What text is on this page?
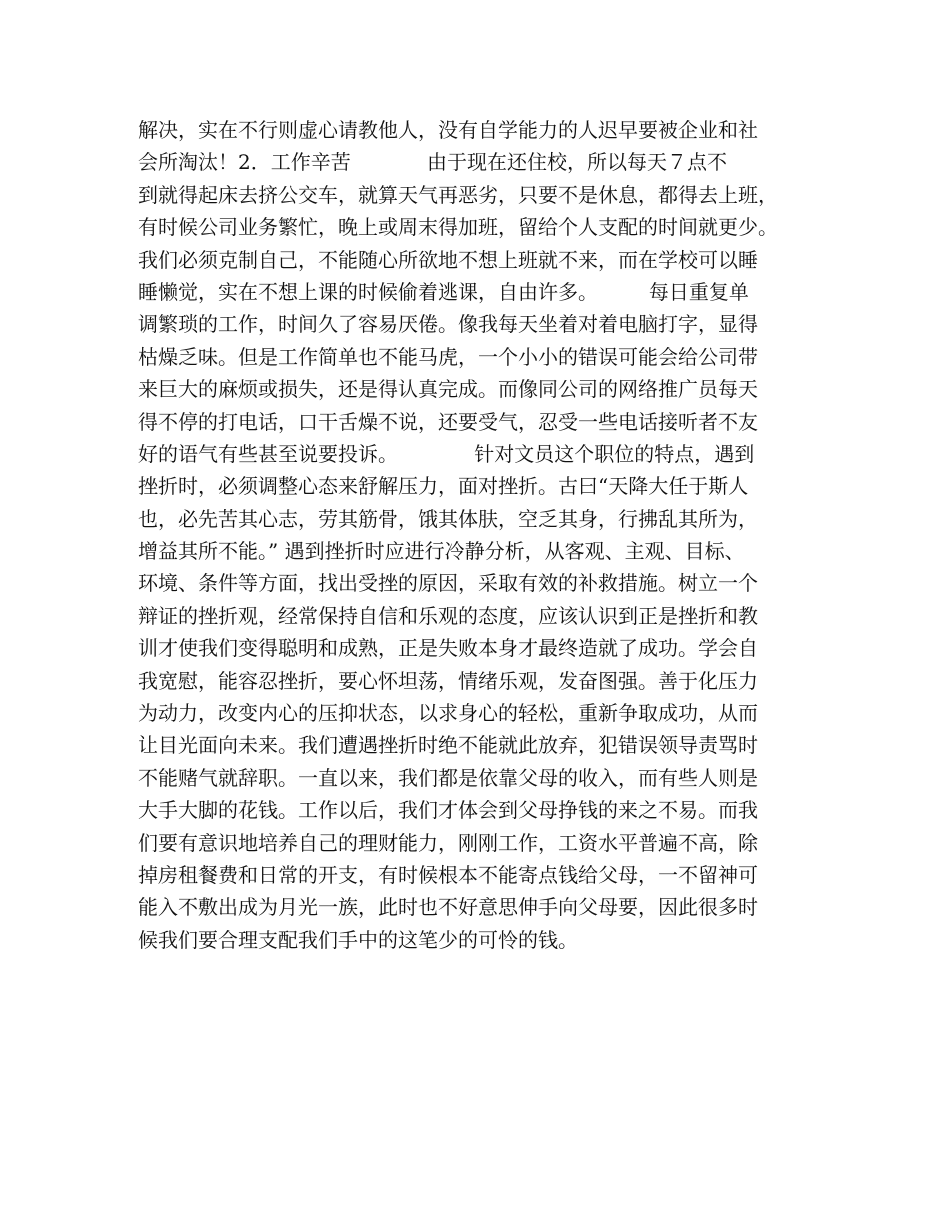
解决，实在不行则虚心请教他人，没有自学能力的人迟早要被企业和社
会所淘汰！2．工作辛苦            由于现在还住校，所以每天７点不
到就得起床去挤公交车，就算天气再恶劣，只要不是休息，都得去上班，
有时候公司业务繁忙，晚上或周末得加班，留给个人支配的时间就更少。
我们必须克制自己，不能随心所欲地不想上班就不来，而在学校可以睡
睡懒觉，实在不想上课的时候偷着逃课，自由许多。        每日重复单
调繁琐的工作，时间久了容易厌倦。像我每天坐着对着电脑打字，显得
枯燥乏味。但是工作简单也不能马虎，一个小小的错误可能会给公司带
来巨大的麻烦或损失，还是得认真完成。而像同公司的网络推广员每天
得不停的打电话，口干舌燥不说，还要受气，忍受一些电话接听者不友
好的语气有些甚至说要投诉。            针对文员这个职位的特点，遇到
挫折时，必须调整心态来舒解压力，面对挫折。古曰“天降大任于斯人
也，必先苦其心志，劳其筋骨，饿其体肤，空乏其身，行拂乱其所为，
增益其所不能。” 遇到挫折时应进行冷静分析，从客观、主观、目标、
环境、条件等方面，找出受挫的原因，采取有效的补救措施。树立一个
辩证的挫折观，经常保持自信和乐观的态度，应该认识到正是挫折和教
训才使我们变得聪明和成熟，正是失败本身才最终造就了成功。学会自
我宽慰，能容忍挫折，要心怀坦荡，情绪乐观，发奋图强。善于化压力
为动力，改变内心的压抑状态，以求身心的轻松，重新争取成功，从而
让目光面向未来。我们遭遇挫折时绝不能就此放弃，犯错误领导责骂时
不能赌气就辞职。一直以来，我们都是依靠父母的收入，而有些人则是
大手大脚的花钱。工作以后，我们才体会到父母挣钱的来之不易。而我
们要有意识地培养自己的理财能力，刚刚工作，工资水平普遍不高，除
掉房租餐费和日常的开支，有时候根本不能寄点钱给父母，一不留神可
能入不敷出成为月光一族，此时也不好意思伸手向父母要，因此很多时
候我们要合理支配我们手中的这笔少的可怜的钱。
